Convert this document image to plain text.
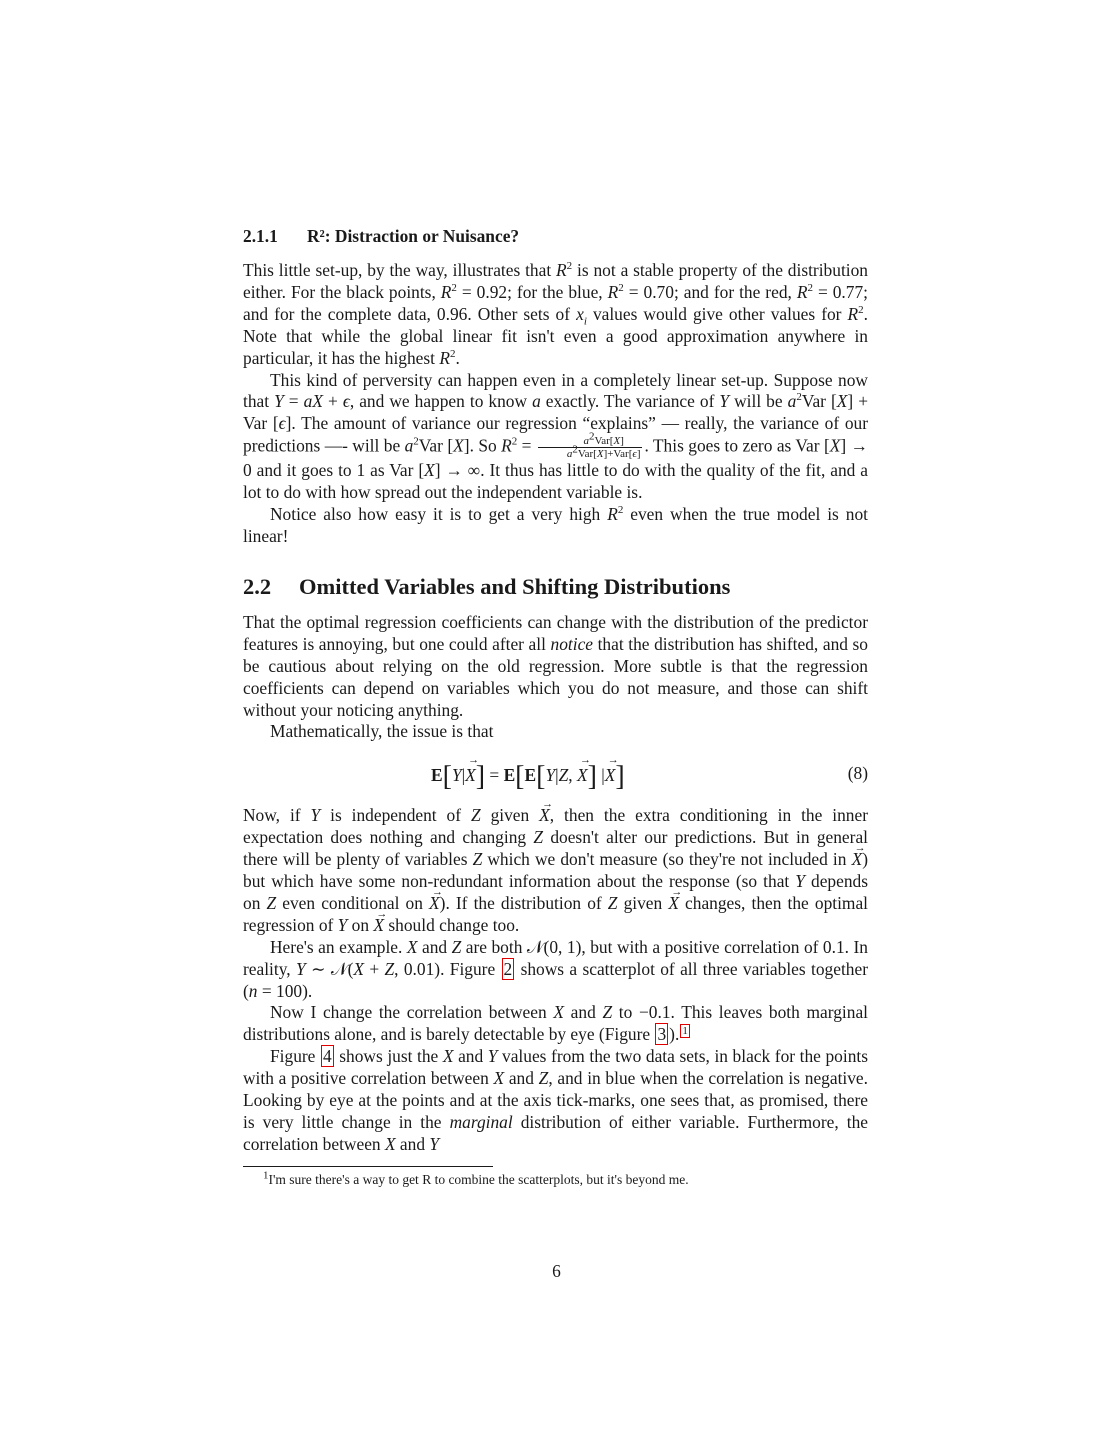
2.1.1 R²: Distraction or Nuisance?

This little set-up, by the way, illustrates that $R^2$ is not a stable property of the distribution either. For the black points, $R^2 = 0.92$; for the blue, $R^2 = 0.70$; and for the red, $R^2 = 0.77$; and for the complete data, 0.96. Other sets of $x_i$ values would give other values for $R^2$. Note that while the global linear fit isn't even a good approximation anywhere in particular, it has the highest $R^2$.

This kind of perversity can happen even in a completely linear set-up. Suppose now that Y = aX + ϵ, and we happen to know a exactly. The variance of Y will be $a^2Var$ [X] + Var [ϵ]. The amount of variance our regression “explains” — really, the variance of our predictions —- will be $a^2Var$ [X]. So $R^2 = \frac{a^2Var[X]}{a^2Var[X]+Var[\epsilon]}$ . This goes to zero as Var [X] → 0 and it goes to 1 as Var [X] → ∞. It thus has little to do with the quality of the fit, and a lot to do with how spread out the independent variable is.

Notice also how easy it is to get a very high $R^2$ even when the true model is not linear!

2.2 Omitted Variables and Shifting Distributions

That the optimal regression coefficients can change with the distribution of the predictor features is annoying, but one could after all notice that the distribution has shifted, and so be cautious about relying on the old regression. More subtle is that the regression coefficients can depend on variables which you do not measure, and those can shift without your noticing anything.

Mathematically, the issue is that

E[Y|→ X] = E[E[Y|Z, → X] |→ X]	(8)

Now, if Y is independent of Z given → X, then the extra conditioning in the inner expectation does nothing and changing Z doesn't alter our predictions. But in general there will be plenty of variables Z which we don't measure (so they're not included in → X) but which have some non-redundant information about the response (so that Y depends on Z even conditional on → X). If the distribution of Z given → X changes, then the optimal regression of Y on → X should change too.

Here's an example. X and Z are both 𝒩(0, 1), but with a positive correlation of 0.1. In reality, Y ∼ 𝒩(X + Z, 0.01). Figure 2 shows a scatterplot of all three variables together (n = 100).

Now I change the correlation between X and Z to −0.1. This leaves both marginal distributions alone, and is barely detectable by eye (Figure 3 ). $^1$

Figure 4 shows just the X and Y values from the two data sets, in black for the points with a positive correlation between X and Z, and in blue when the correlation is negative. Looking by eye at the points and at the axis tick-marks, one sees that, as promised, there is very little change in the marginal distribution of either variable. Furthermore, the correlation between X and Y

$^1$I'm sure there's a way to get R to combine the scatterplots, but it's beyond me.
6
